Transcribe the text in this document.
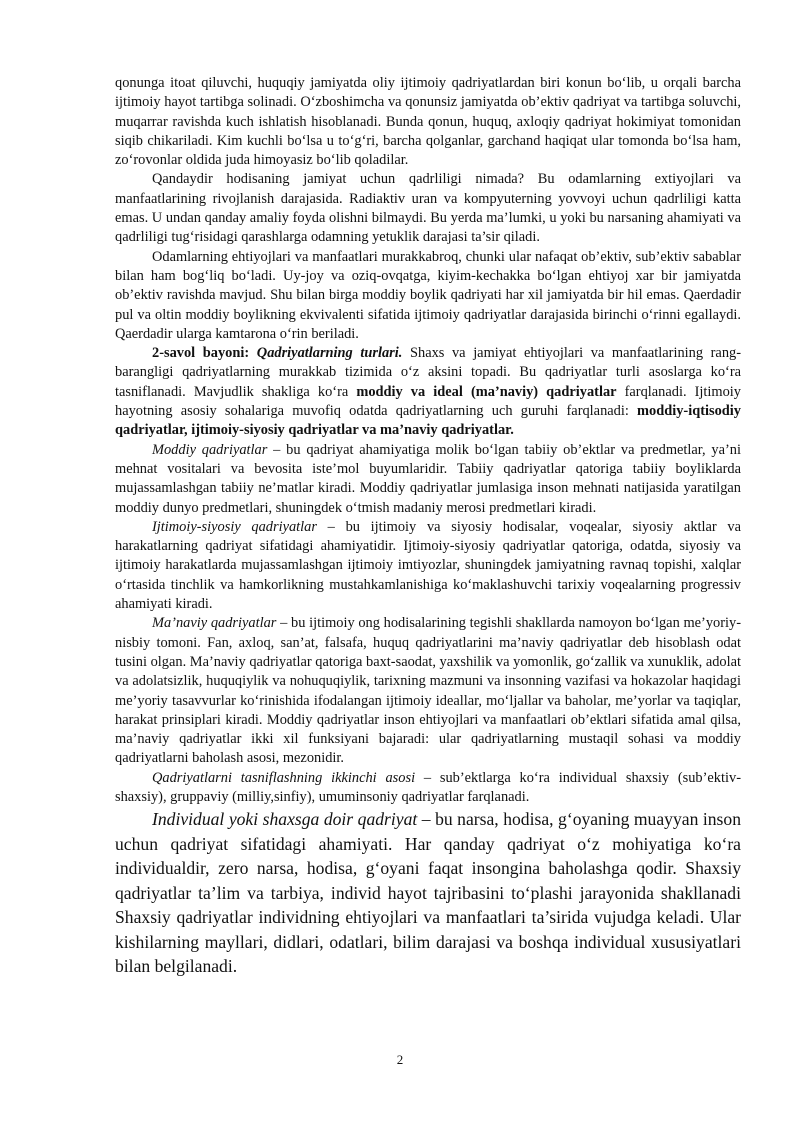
qonunga itoat qiluvchi, huquqiy jamiyatda oliy ijtimoiy qadriyatlardan biri konun bo‘lib, u orqali barcha ijtimoiy hayot tartibga solinadi. O‘zboshimcha va qonunsiz jamiyatda ob’ektiv qadriyat va tartibga soluvchi, muqarrar ravishda kuch ishlatish hisoblanadi. Bunda qonun, huquq, axloqiy qadriyat hokimiyat tomonidan siqib chikariladi. Kim kuchli bo‘lsa u to‘g‘ri, barcha qolganlar, garchand haqiqat ular tomonda bo‘lsa ham, zo‘rovonlar oldida juda himoyasiz bo‘lib qoladilar.

Qandaydir hodisaning jamiyat uchun qadrliligi nimada? Bu odamlarning extiyojlari va manfaatlarining rivojlanish darajasida. Radiaktiv uran va kompyuterning yovvoyi uchun qadrliligi katta emas. U undan qanday amaliy foyda olishni bilmaydi. Bu yerda ma’lumki, u yoki bu narsaning ahamiyati va qadrliligi tug‘risidagi qarashlarga odamning yetuklik darajasi ta’sir qiladi.

Odamlarning ehtiyojlari va manfaatlari murakkabroq, chunki ular nafaqat ob’ektiv, sub’ektiv sabablar bilan ham bog‘liq bo‘ladi. Uy-joy va oziq-ovqatga, kiyim-kechakka bo‘lgan ehtiyoj xar bir jamiyatda ob’ektiv ravishda mavjud. Shu bilan birga moddiy boylik qadriyati har xil jamiyatda bir hil emas. Qaerdadir pul va oltin moddiy boylikning ekvivalenti sifatida ijtimoiy qadriyatlar darajasida birinchi o‘rinni egallaydi. Qaerdadir ularga kamtarona o‘rin beriladi.

2-savol bayoni: Qadriyatlarning turlari. Shaxs va jamiyat ehtiyojlari va manfaatlarining rang-barangligi qadriyatlarning murakkab tizimida o‘z aksini topadi. Bu qadriyatlar turli asoslarga ko‘ra tasniflanadi. Mavjudlik shakliga ko‘ra moddiy va ideal (ma’naviy) qadriyatlar farqlanadi. Ijtimoiy hayotning asosiy sohalariga muvofiq odatda qadriyatlarning uch guruhi farqlanadi: moddiy-iqtisodiy qadriyatlar, ijtimoiy-siyosiy qadriyatlar va ma’naviy qadriyatlar.

Moddiy qadriyatlar – bu qadriyat ahamiyatiga molik bo‘lgan tabiiy ob’ektlar va predmetlar, ya’ni mehnat vositalari va bevosita iste’mol buyumlaridir. Tabiiy qadriyatlar qatoriga tabiiy boyliklarda mujassamlashgan tabiiy ne’matlar kiradi. Moddiy qadriyatlar jumlasiga inson mehnati natijasida yaratilgan moddiy dunyo predmetlari, shuningdek o‘tmish madaniy merosi predmetlari kiradi.

Ijtimoiy-siyosiy qadriyatlar – bu ijtimoiy va siyosiy hodisalar, voqealar, siyosiy aktlar va harakatlarning qadriyat sifatidagi ahamiyatidir. Ijtimoiy-siyosiy qadriyatlar qatoriga, odatda, siyosiy va ijtimoiy harakatlarda mujassamlashgan ijtimoiy imtiyozlar, shuningdek jamiyatning ravnaq topishi, xalqlar o‘rtasida tinchlik va hamkorlikning mustahkamlanishiga ko‘maklashuvchi tarixiy voqealarning progressiv ahamiyati kiradi.

Ma’naviy qadriyatlar – bu ijtimoiy ong hodisalarining tegishli shakllarda namoyon bo‘lgan me’yoriy-nisbiy tomoni. Fan, axloq, san’at, falsafa, huquq qadriyatlarini ma’naviy qadriyatlar deb hisoblash odat tusini olgan. Ma’naviy qadriyatlar qatoriga baxt-saodat, yaxshilik va yomonlik, go‘zallik va xunuklik, adolat va adolatsizlik, huquqiylik va nohuquqiylik, tarixning mazmuni va insonning vazifasi va hokazolar haqidagi me’yoriy tasavvurlar ko‘rinishida ifodalangan ijtimoiy ideallar, mo‘ljallar va baholar, me’yorlar va taqiqlar, harakat prinsiplari kiradi. Moddiy qadriyatlar inson ehtiyojlari va manfaatlari ob’ektlari sifatida amal qilsa, ma’naviy qadriyatlar ikki xil funksiyani bajaradi: ular qadriyatlarning mustaqil sohasi va moddiy qadriyatlarni baholash asosi, mezonidir.

Qadriyatlarni tasniflashning ikkinchi asosi – sub’ektlarga ko‘ra individual shaxsiy (sub’ektiv-shaxsiy), gruppaviy (milliy,sinfiy), umuminsoniy qadriyatlar farqlanadi.

Individual yoki shaxsga doir qadriyat – bu narsa, hodisa, g‘oyaning muayyan inson uchun qadriyat sifatidagi ahamiyati. Har qanday qadriyat o‘z mohiyatiga ko‘ra individualdir, zero narsa, hodisa, g‘oyani faqat insongina baholashga qodir. Shaxsiy qadriyatlar ta’lim va tarbiya, individ hayot tajribasini to‘plashi jarayonida shakllanadi Shaxsiy qadriyatlar individning ehtiyojlari va manfaatlari ta’sirida vujudga keladi. Ular kishilarning mayllari, didlari, odatlari, bilim darajasi va boshqa individual xususiyatlari bilan belgilanadi.

2
